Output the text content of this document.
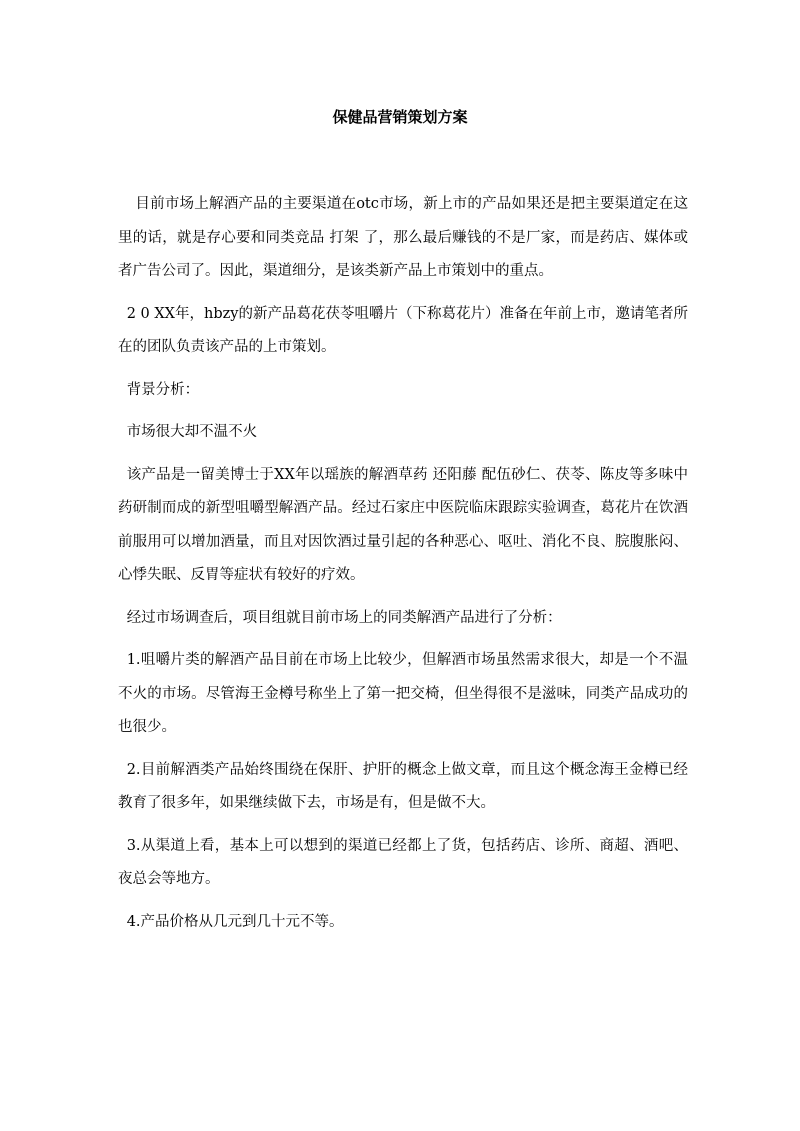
保健品营销策划方案

目前市场上解酒产品的主要渠道在otc市场，新上市的产品如果还是把主要渠道定在这里的话，就是存心要和同类竞品 打架 了，那么最后赚钱的不是厂家，而是药店、媒体或者广告公司了。因此，渠道细分，是该类新产品上市策划中的重点。

2 0 XX年，hbzy的新产品葛花茯苓咀嚼片（下称葛花片）准备在年前上市，邀请笔者所在的团队负责该产品的上市策划。

背景分析：

市场很大却不温不火

该产品是一留美博士于XX年以瑶族的解酒草药 还阳藤 配伍砂仁、茯苓、陈皮等多味中药研制而成的新型咀嚼型解酒产品。经过石家庄中医院临床跟踪实验调查，葛花片在饮酒前服用可以增加酒量，而且对因饮酒过量引起的各种恶心、呕吐、消化不良、脘腹胀闷、心悸失眠、反胃等症状有较好的疗效。

经过市场调查后，项目组就目前市场上的同类解酒产品进行了分析：

1.咀嚼片类的解酒产品目前在市场上比较少，但解酒市场虽然需求很大，却是一个不温不火的市场。尽管海王金樽号称坐上了第一把交椅，但坐得很不是滋味，同类产品成功的也很少。

2.目前解酒类产品始终围绕在保肝、护肝的概念上做文章，而且这个概念海王金樽已经教育了很多年，如果继续做下去，市场是有，但是做不大。

3.从渠道上看，基本上可以想到的渠道已经都上了货，包括药店、诊所、商超、酒吧、夜总会等地方。

4.产品价格从几元到几十元不等。
